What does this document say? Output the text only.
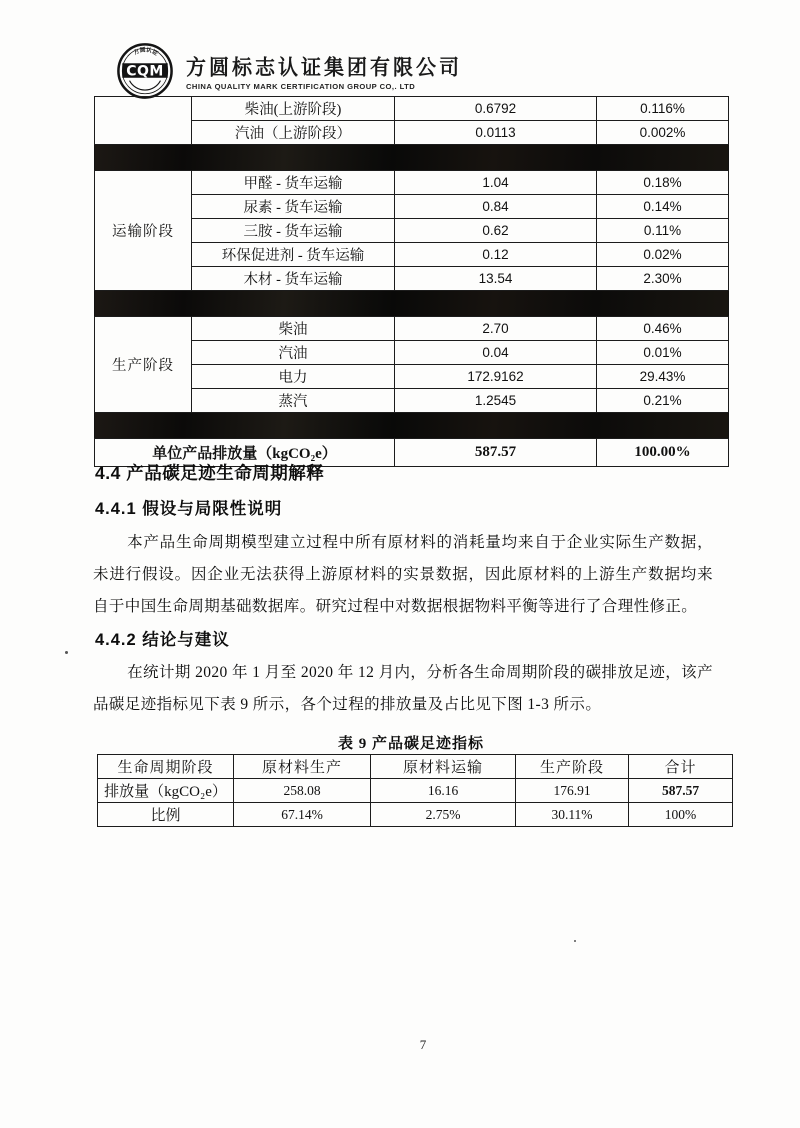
方圆认证
CQM 方圆标志认证集团有限公司
CHINA QUALITY MARK CERTIFICATION GROUP CO,. LTD
	柴油(上游阶段)	0.6792	0.116%
	汽油（上游阶段）	0.0113	0.002%

运输阶段	甲醛 - 货车运输	1.04	0.18%
	尿素 - 货车运输	0.84	0.14%
	三胺 - 货车运输	0.62	0.11%
	环保促进剂 - 货车运输	0.12	0.02%
	木材 - 货车运输	13.54	2.30%

生产阶段	柴油	2.70	0.46%
	汽油	0.04	0.01%
	电力	172.9162	29.43%
	蒸汽	1.2545	0.21%

单位产品排放量（kgCO₂e）		587.57	100.00%
4.4 产品碳足迹生命周期解释
4.4.1 假设与局限性说明
本产品生命周期模型建立过程中所有原材料的消耗量均来自于企业实际生产数据，未进行假设。因企业无法获得上游原材料的实景数据，因此原材料的上游生产数据均来自于中国生命周期基础数据库。研究过程中对数据根据物料平衡等进行了合理性修正。
4.4.2 结论与建议
在统计期 2020 年 1 月至 2020 年 12 月内，分析各生命周期阶段的碳排放足迹，该产品碳足迹指标见下表 9 所示，各个过程的排放量及占比见下图 1-3 所示。
表 9 产品碳足迹指标
生命周期阶段	原材料生产	原材料运输	生产阶段	合计
排放量（kgCO₂e）	258.08	16.16	176.91	587.57
比例	67.14%	2.75%	30.11%	100%
7
